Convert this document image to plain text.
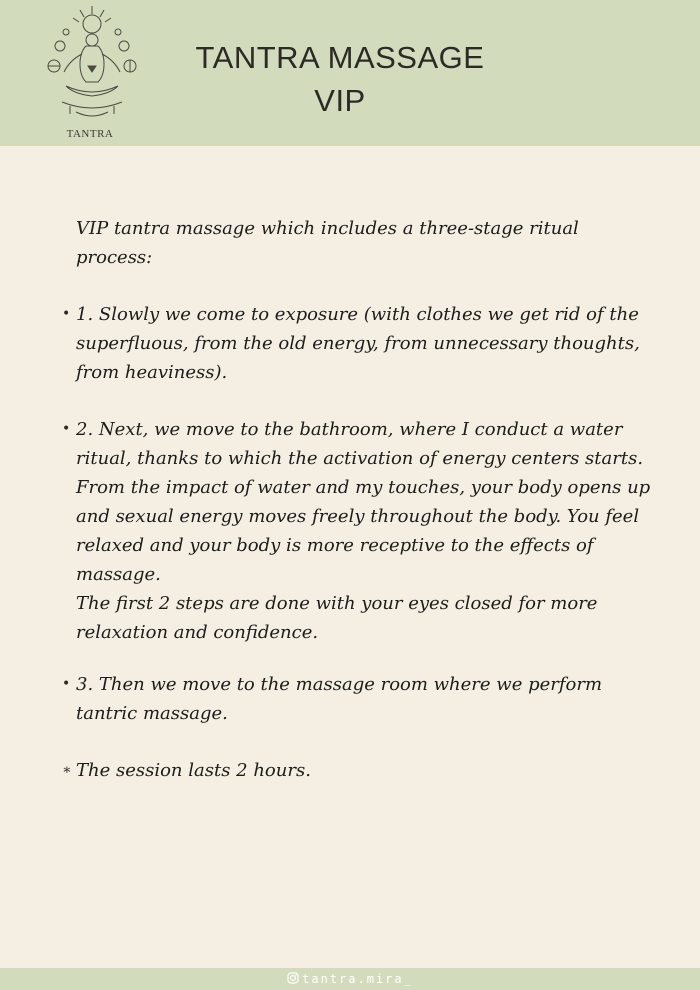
TANTRA
TANTRA MASSAGE
VIP

VIP tantra massage which includes a three-stage ritual process:

• 1. Slowly we come to exposure (with clothes we get rid of the superfluous, from the old energy, from unnecessary thoughts, from heaviness).

• 2. Next, we move to the bathroom, where I conduct a water ritual, thanks to which the activation of energy centers starts. From the impact of water and my touches, your body opens up and sexual energy moves freely throughout the body. You feel relaxed and your body is more receptive to the effects of massage.

The first 2 steps are done with your eyes closed for more relaxation and confidence.

• 3. Then we move to the massage room where we perform tantric massage.

∗ The session lasts 2 hours.

tantra.mira_
